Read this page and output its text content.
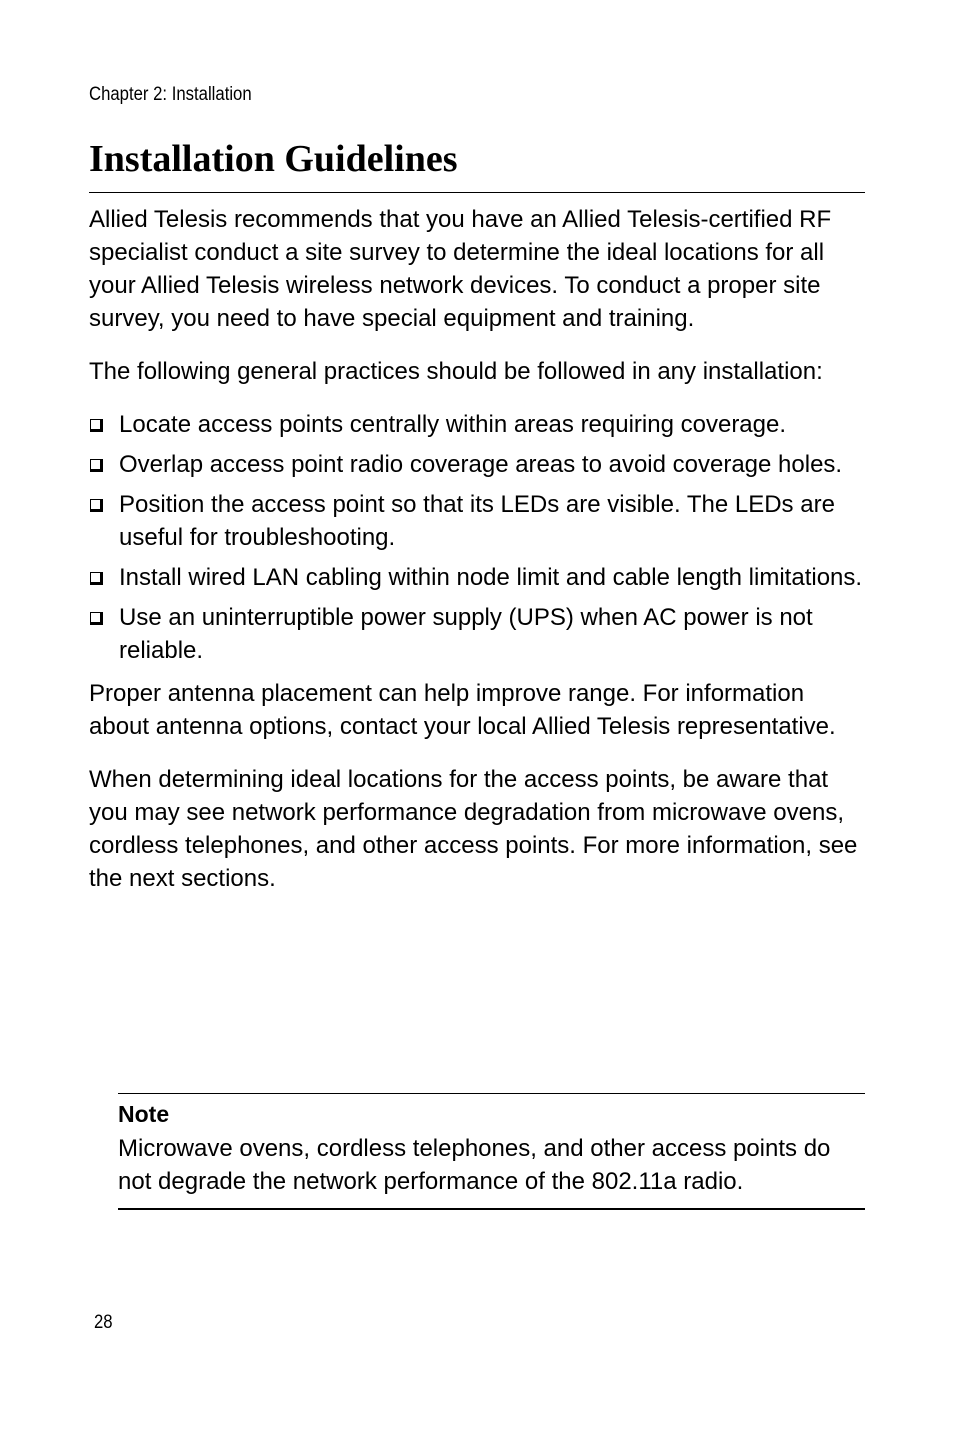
Chapter 2: Installation
Installation Guidelines

Allied Telesis recommends that you have an Allied Telesis-certified RF specialist conduct a site survey to determine the ideal locations for all your Allied Telesis wireless network devices. To conduct a proper site survey, you need to have special equipment and training.

The following general practices should be followed in any installation:

Locate access points centrally within areas requiring coverage.
Overlap access point radio coverage areas to avoid coverage holes.
Position the access point so that its LEDs are visible. The LEDs are useful for troubleshooting.
Install wired LAN cabling within node limit and cable length limitations.
Use an uninterruptible power supply (UPS) when AC power is not reliable.

Proper antenna placement can help improve range. For information about antenna options, contact your local Allied Telesis representative.

When determining ideal locations for the access points, be aware that you may see network performance degradation from microwave ovens, cordless telephones, and other access points. For more information, see the next sections.

Note
Microwave ovens, cordless telephones, and other access points do not degrade the network performance of the 802.11a radio.
28
